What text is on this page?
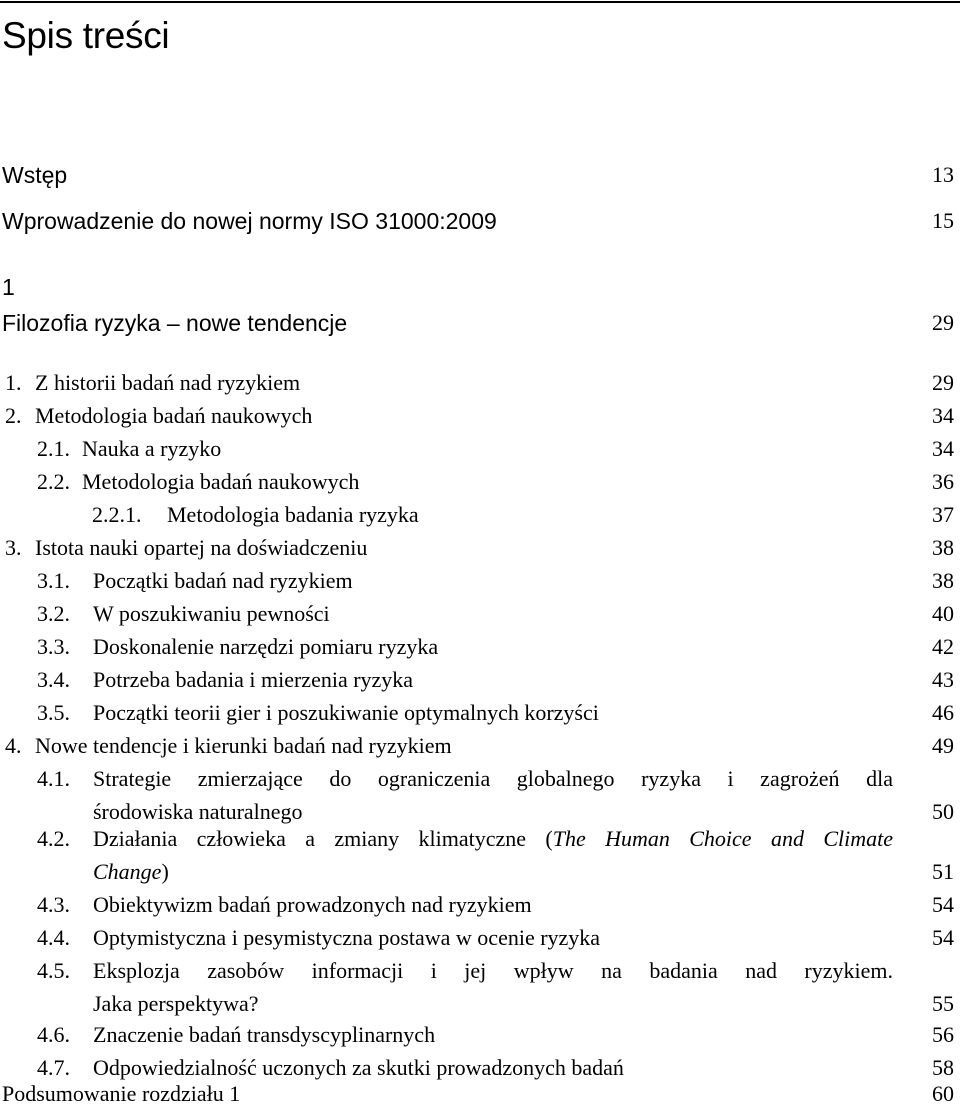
Spis treści
Wstęp	13
Wprowadzenie do nowej normy ISO 31000:2009	15
1
Filozofia ryzyka – nowe tendencje	29
1. Z historii badań nad ryzykiem	29
2. Metodologia badań naukowych	34
2.1. Nauka a ryzyko	34
2.2. Metodologia badań naukowych	36
2.2.1. Metodologia badania ryzyka	37
3. Istota nauki opartej na doświadczeniu	38
3.1. Początki badań nad ryzykiem	38
3.2. W poszukiwaniu pewności	40
3.3. Doskonalenie narzędzi pomiaru ryzyka	42
3.4. Potrzeba badania i mierzenia ryzyka	43
3.5. Początki teorii gier i poszukiwanie optymalnych korzyści	46
4. Nowe tendencje i kierunki badań nad ryzykiem	49
4.1. Strategie zmierzające do ograniczenia globalnego ryzyka i zagrożeń dla
środowiska naturalnego	50
4.2. Działania człowieka a zmiany klimatyczne (The Human Choice and Climate
Change)	51
4.3. Obiektywizm badań prowadzonych nad ryzykiem	54
4.4. Optymistyczna i pesymistyczna postawa w ocenie ryzyka	54
4.5. Eksplozja zasobów informacji i jej wpływ na badania nad ryzykiem.
Jaka perspektywa?	55
4.6. Znaczenie badań transdyscyplinarnych	56
4.7. Odpowiedzialność uczonych za skutki prowadzonych badań	58
Podsumowanie rozdziału 1	60
